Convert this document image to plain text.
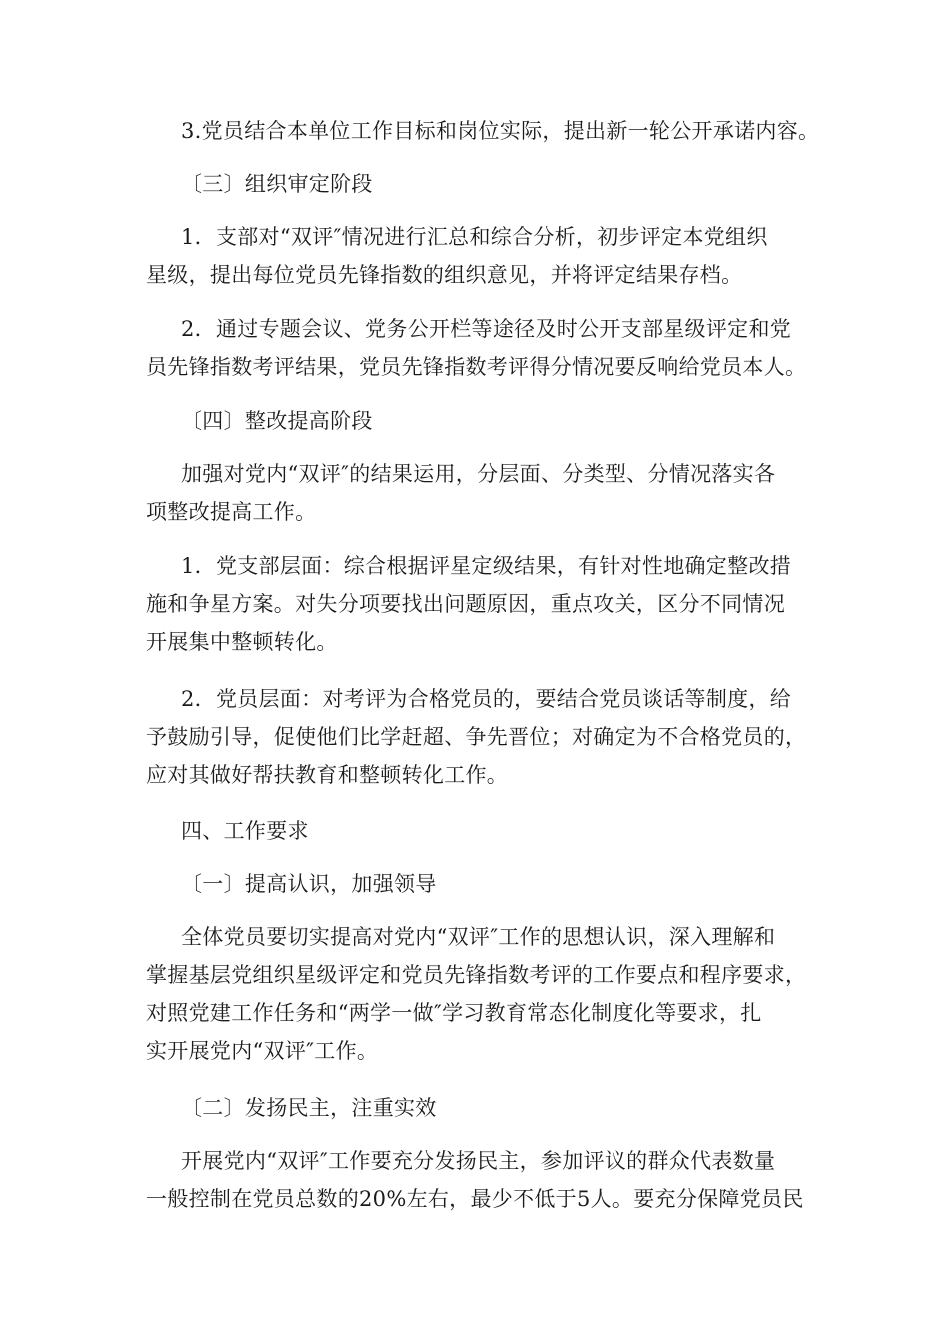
3.党员结合本单位工作目标和岗位实际，提出新一轮公开承诺内容。

〔三〕组织审定阶段

1．支部对“双评″情况进行汇总和综合分析，初步评定本党组织
星级，提出每位党员先锋指数的组织意见，并将评定结果存档。

2．通过专题会议、党务公开栏等途径及时公开支部星级评定和党
员先锋指数考评结果，党员先锋指数考评得分情况要反响给党员本人。

〔四〕整改提高阶段

加强对党内“双评″的结果运用，分层面、分类型、分情况落实各
项整改提高工作。

1．党支部层面：综合根据评星定级结果，有针对性地确定整改措
施和争星方案。对失分项要找出问题原因，重点攻关，区分不同情况
开展集中整顿转化。

2．党员层面：对考评为合格党员的，要结合党员谈话等制度，给
予鼓励引导，促使他们比学赶超、争先晋位；对确定为不合格党员的，
应对其做好帮扶教育和整顿转化工作。

四、工作要求

〔一〕提高认识，加强领导

全体党员要切实提高对党内“双评″工作的思想认识，深入理解和
掌握基层党组织星级评定和党员先锋指数考评的工作要点和程序要求，
对照党建工作任务和“两学一做″学习教育常态化制度化等要求，扎
实开展党内“双评″工作。

〔二〕发扬民主，注重实效

开展党内“双评″工作要充分发扬民主，参加评议的群众代表数量
一般控制在党员总数的20%左右，最少不低于5人。要充分保障党员民
